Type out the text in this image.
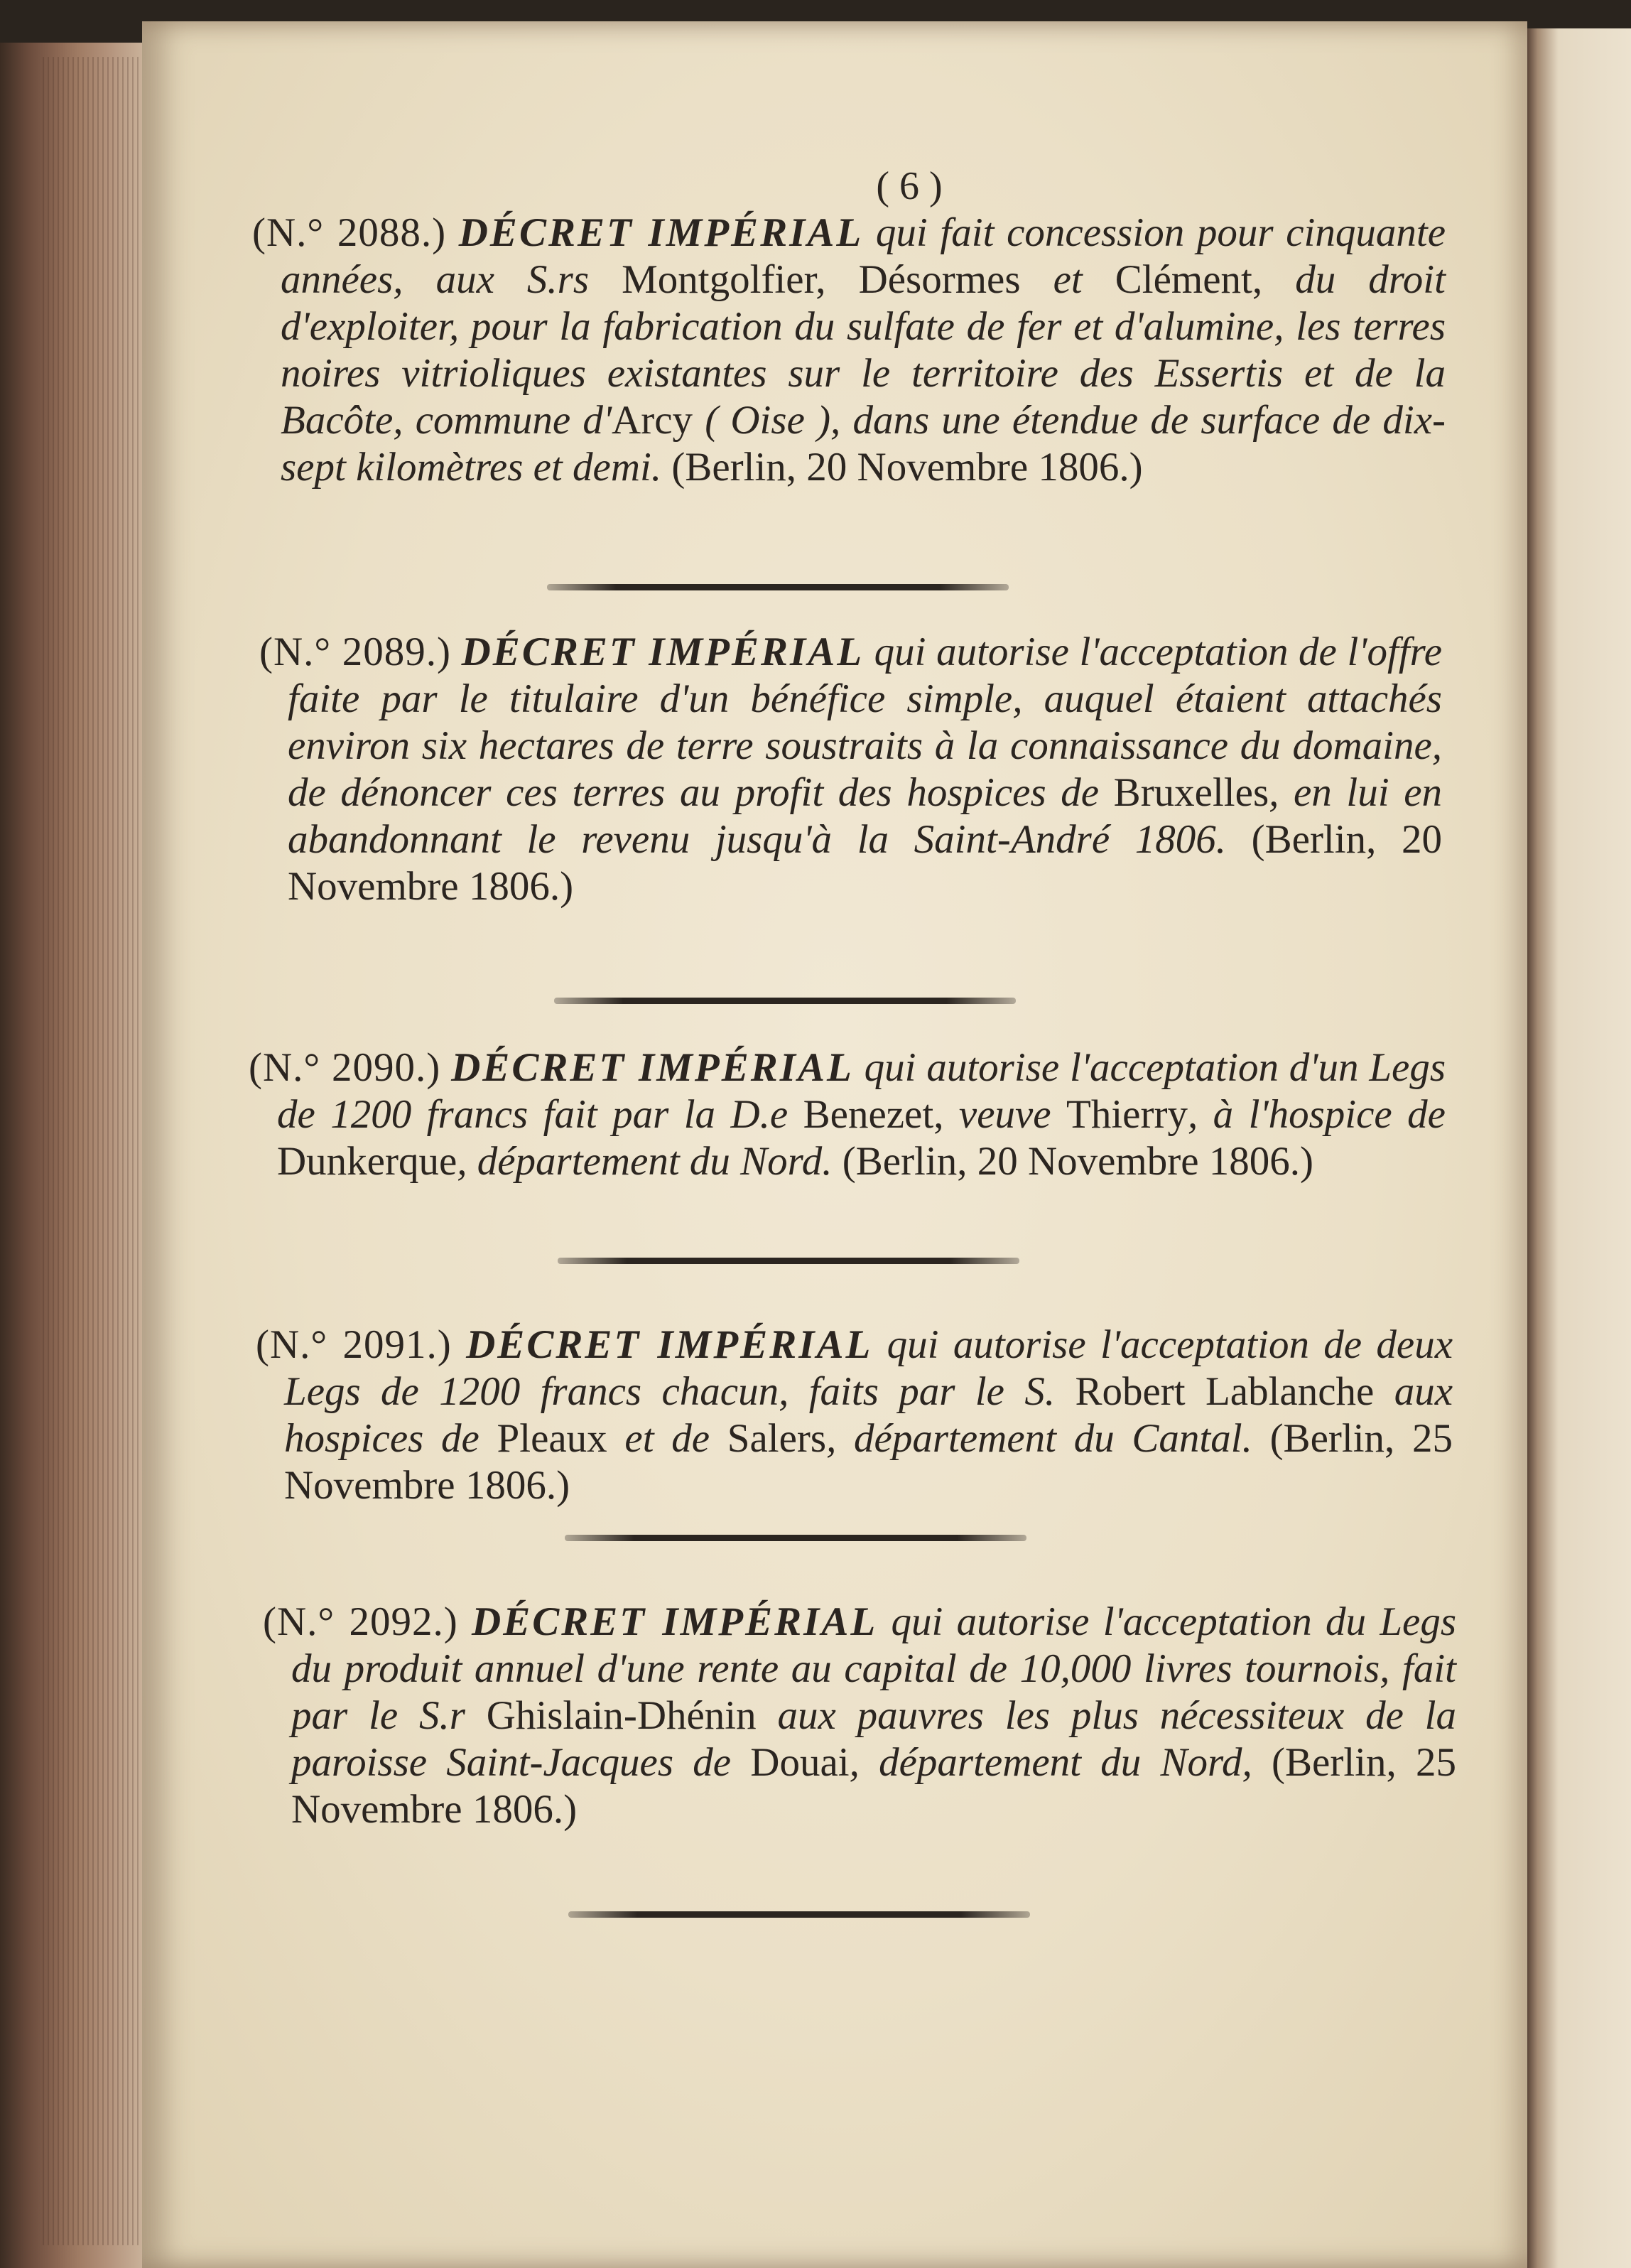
( 6 )

(N.° 2088.) DÉCRET IMPÉRIAL qui fait concession pour cinquante années, aux S.rs Montgolfier, Désormes et Clément, du droit d'exploiter, pour la fabrication du sulfate de fer et d'alumine, les terres noires vitrioliques existantes sur le territoire des Essertis et de la Bacôte, commune d'Arcy ( Oise ), dans une étendue de surface de dix-sept kilomètres et demi. (Berlin, 20 Novembre 1806.)

(N.° 2089.) DÉCRET IMPÉRIAL qui autorise l'acceptation de l'offre faite par le titulaire d'un bénéfice simple, auquel étaient attachés environ six hectares de terre soustraits à la connaissance du domaine, de dénoncer ces terres au profit des hospices de Bruxelles, en lui en abandonnant le revenu jusqu'à la Saint-André 1806. (Berlin, 20 Novembre 1806.)

(N.° 2090.) DÉCRET IMPÉRIAL qui autorise l'acceptation d'un Legs de 1200 francs fait par la D.e Benezet, veuve Thierry, à l'hospice de Dunkerque, département du Nord. (Berlin, 20 Novembre 1806.)

(N.° 2091.) DÉCRET IMPÉRIAL qui autorise l'acceptation de deux Legs de 1200 francs chacun, faits par le S. Robert Lablanche aux hospices de Pleaux et de Salers, département du Cantal. (Berlin, 25 Novembre 1806.)

(N.° 2092.) DÉCRET IMPÉRIAL qui autorise l'acceptation du Legs du produit annuel d'une rente au capital de 10,000 livres tournois, fait par le S.r Ghislain-Dhénin aux pauvres les plus nécessiteux de la paroisse Saint-Jacques de Douai, département du Nord, (Berlin, 25 Novembre 1806.)
